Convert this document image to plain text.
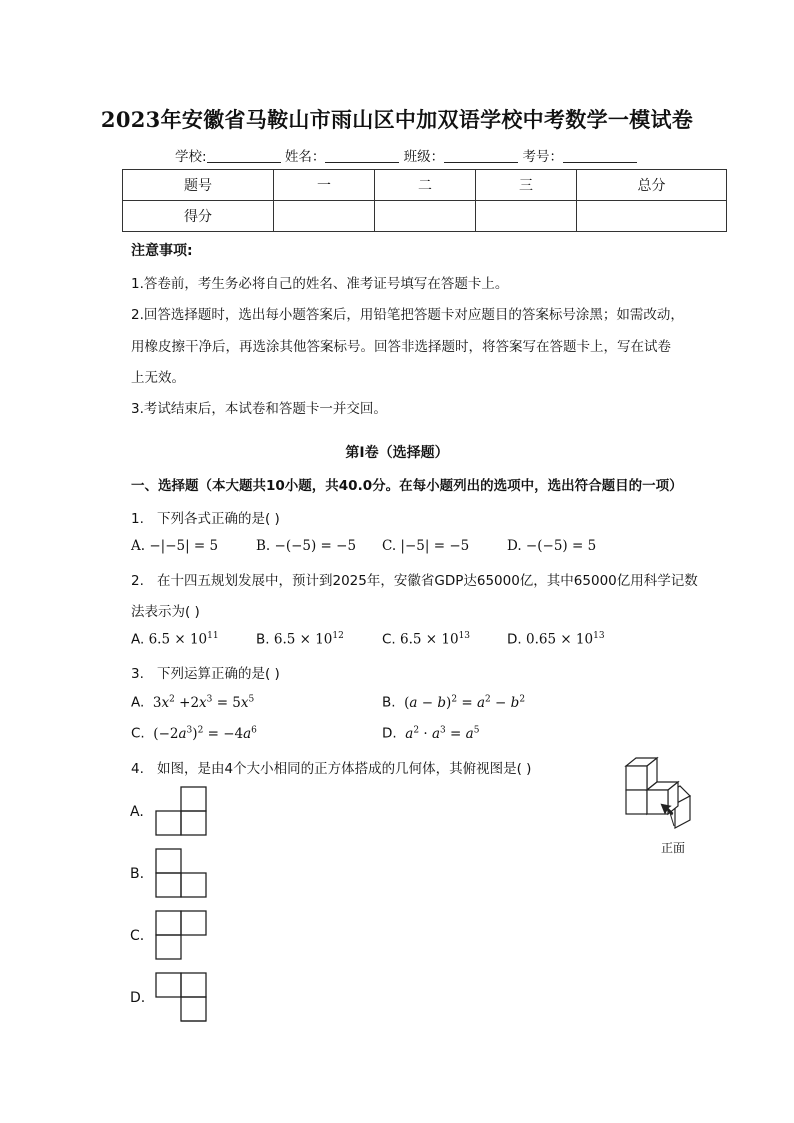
2023年安徽省马鞍山市雨山区中加双语学校中考数学一模试卷
学校:	姓名：	班级：	考号：
题号	一	二	三	总分
得分				
注意事项:
1.答卷前，考生务必将自己的姓名、准考证号填写在答题卡上。
2.回答选择题时，选出每小题答案后，用铅笔把答题卡对应题目的答案标号涂黑；如需改动，
用橡皮擦干净后，再选涂其他答案标号。回答非选择题时，将答案写在答题卡上，写在试卷
上无效。
3.考试结束后，本试卷和答题卡一并交回。
第Ⅰ卷（选择题）
一、选择题（本大题共10小题，共40.0分。在每小题列出的选项中，选出符合题目的一项）
1. 下列各式正确的是( )
A. −|−5| = 5	B. −(−5) = −5 C. |−5| = −5	D. −(−5) = 5
2. 在十四五规划发展中，预计到2025年，安徽省GDP达65000亿，其中65000亿用科学记数
法表示为( )
A. $6.5 \times 10^{11}$	B. $6.5 \times 10^{12}$	C. $6.5 \times 10^{13}$	D. $0.65 \times 10^{13}$
3. 下列运算正确的是( )
A.  $3x^2 +2x^3 = 5x^5$	B.  $(a - b)^2 = a^2 - b^2$
C.  $(-2a^3)^2 = -4a^6$	D. $a^2 \cdot a^3 = a^5$
4. 如图，是由4个大小相同的正方体搭成的几何体，其俯视图是( )
A.
B.
C.
D.
正面
